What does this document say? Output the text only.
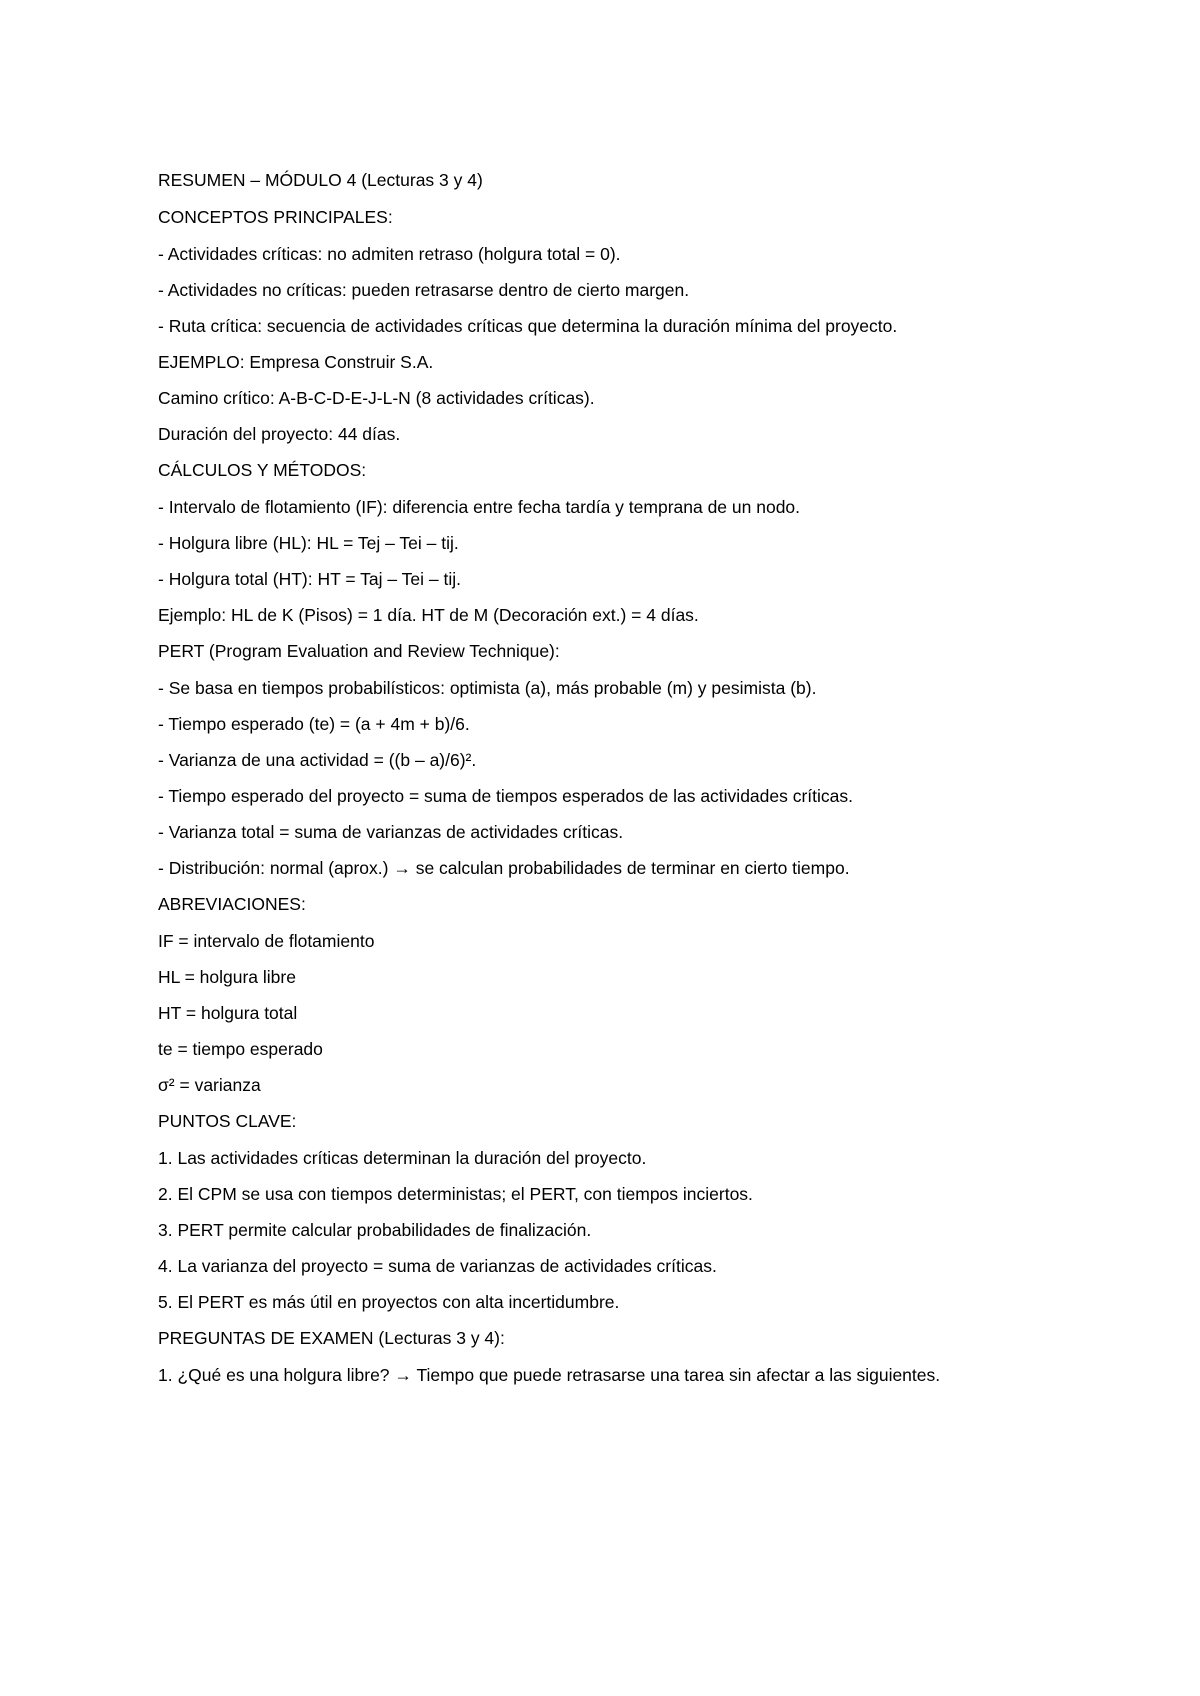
RESUMEN – MÓDULO 4 (Lecturas 3 y 4)
CONCEPTOS PRINCIPALES:
- Actividades críticas: no admiten retraso (holgura total = 0).
- Actividades no críticas: pueden retrasarse dentro de cierto margen.
- Ruta crítica: secuencia de actividades críticas que determina la duración mínima del proyecto.
EJEMPLO: Empresa Construir S.A.
Camino crítico: A-B-C-D-E-J-L-N (8 actividades críticas).
Duración del proyecto: 44 días.
CÁLCULOS Y MÉTODOS:
- Intervalo de flotamiento (IF): diferencia entre fecha tardía y temprana de un nodo.
- Holgura libre (HL): HL = Tej – Tei – tij.
- Holgura total (HT): HT = Taj – Tei – tij.
Ejemplo: HL de K (Pisos) = 1 día. HT de M (Decoración ext.) = 4 días.
PERT (Program Evaluation and Review Technique):
- Se basa en tiempos probabilísticos: optimista (a), más probable (m) y pesimista (b).
- Tiempo esperado (te) = (a + 4m + b)/6.
- Varianza de una actividad = ((b – a)/6)².
- Tiempo esperado del proyecto = suma de tiempos esperados de las actividades críticas.
- Varianza total = suma de varianzas de actividades críticas.
- Distribución: normal (aprox.) → se calculan probabilidades de terminar en cierto tiempo.
ABREVIACIONES:
IF = intervalo de flotamiento
HL = holgura libre
HT = holgura total
te = tiempo esperado
σ² = varianza
PUNTOS CLAVE:
1. Las actividades críticas determinan la duración del proyecto.
2. El CPM se usa con tiempos deterministas; el PERT, con tiempos inciertos.
3. PERT permite calcular probabilidades de finalización.
4. La varianza del proyecto = suma de varianzas de actividades críticas.
5. El PERT es más útil en proyectos con alta incertidumbre.
PREGUNTAS DE EXAMEN (Lecturas 3 y 4):
1. ¿Qué es una holgura libre? → Tiempo que puede retrasarse una tarea sin afectar a las siguientes.
